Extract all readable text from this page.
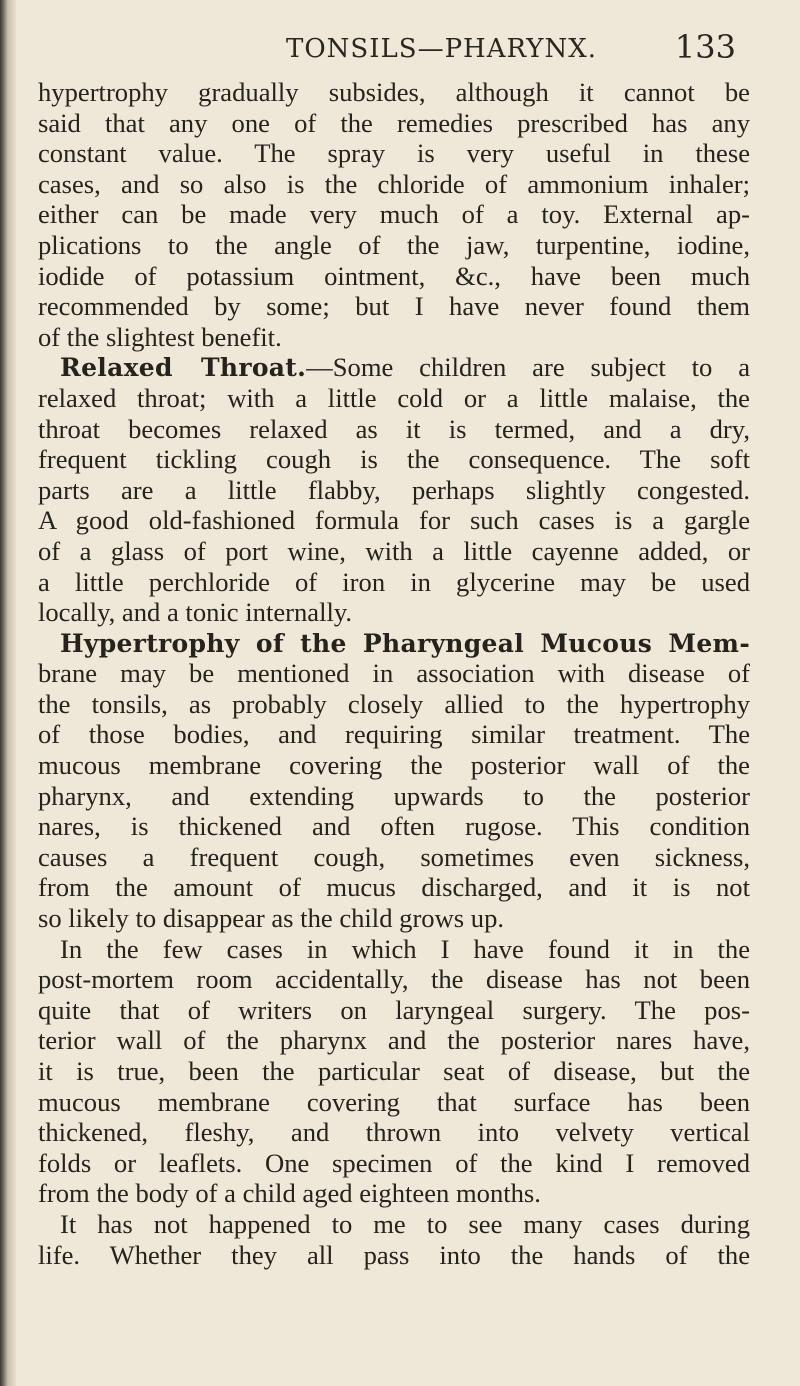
TONSILS—PHARYNX. 133
hypertrophy gradually subsides, although it cannot be
said that any one of the remedies prescribed has any
constant value. The spray is very useful in these
cases, and so also is the chloride of ammonium inhaler;
either can be made very much of a toy. External ap-
plications to the angle of the jaw, turpentine, iodine,
iodide of potassium ointment, &c., have been much
recommended by some; but I have never found them
of the slightest benefit.
Relaxed Throat.—Some children are subject to a
relaxed throat; with a little cold or a little malaise, the
throat becomes relaxed as it is termed, and a dry,
frequent tickling cough is the consequence. The soft
parts are a little flabby, perhaps slightly congested.
A good old-fashioned formula for such cases is a gargle
of a glass of port wine, with a little cayenne added, or
a little perchloride of iron in glycerine may be used
locally, and a tonic internally.
Hypertrophy of the Pharyngeal Mucous Mem-
brane may be mentioned in association with disease of
the tonsils, as probably closely allied to the hypertrophy
of those bodies, and requiring similar treatment. The
mucous membrane covering the posterior wall of the
pharynx, and extending upwards to the posterior
nares, is thickened and often rugose. This condition
causes a frequent cough, sometimes even sickness,
from the amount of mucus discharged, and it is not
so likely to disappear as the child grows up.
In the few cases in which I have found it in the
post-mortem room accidentally, the disease has not been
quite that of writers on laryngeal surgery. The pos-
terior wall of the pharynx and the posterior nares have,
it is true, been the particular seat of disease, but the
mucous membrane covering that surface has been
thickened, fleshy, and thrown into velvety vertical
folds or leaflets. One specimen of the kind I removed
from the body of a child aged eighteen months.
It has not happened to me to see many cases during
life. Whether they all pass into the hands of the
